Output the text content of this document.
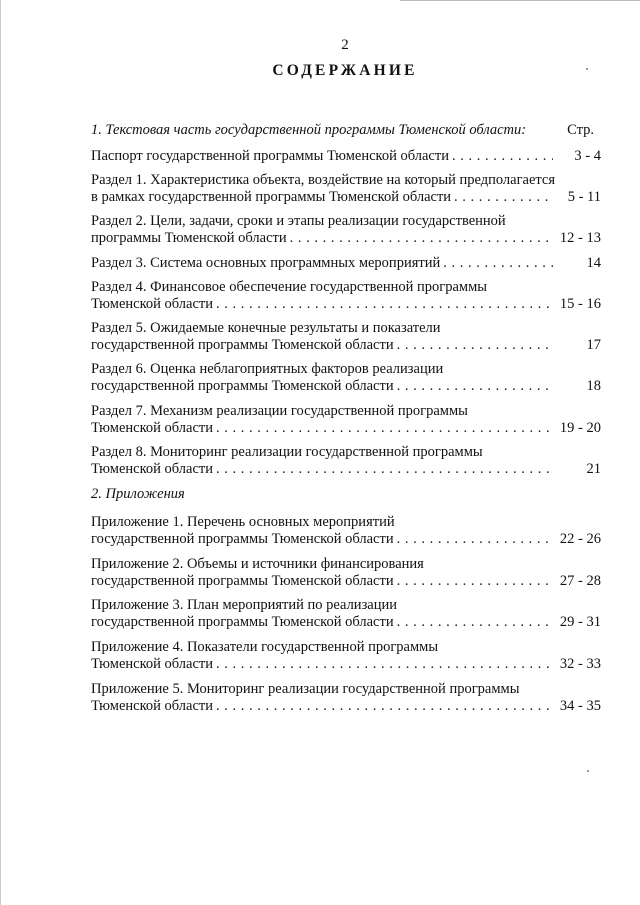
2
СОДЕРЖАНИЕ
1. Текстовая часть государственной программы Тюменской области:	Стр.
Паспорт государственной программы Тюменской области . . .	3 - 4
Раздел 1. Характеристика объекта, воздействие на который предполагается
в рамках государственной программы Тюменской области . . .	5 - 11
Раздел 2. Цели, задачи, сроки и этапы реализации государственной
программы Тюменской области . . .	12 - 13
Раздел 3. Система основных программных мероприятий . . .	14
Раздел 4. Финансовое обеспечение государственной программы
Тюменской области . . .	15 - 16
Раздел 5. Ожидаемые конечные результаты и показатели
государственной программы Тюменской области . . .	17
Раздел 6. Оценка неблагоприятных факторов реализации
государственной программы Тюменской области . . .	18
Раздел 7. Механизм реализации государственной программы
Тюменской области . . .	19 - 20
Раздел 8. Мониторинг реализации государственной программы
Тюменской области . . .	21
2. Приложения
Приложение 1. Перечень основных мероприятий
государственной программы Тюменской области . . .	22 - 26
Приложение 2. Объемы и источники финансирования
государственной программы Тюменской области . . .	27 - 28
Приложение 3. План мероприятий по реализации
государственной программы Тюменской области . . .	29 - 31
Приложение 4. Показатели государственной программы
Тюменской области . . .	32 - 33
Приложение 5. Мониторинг реализации государственной программы
Тюменской области . . .	34 - 35
